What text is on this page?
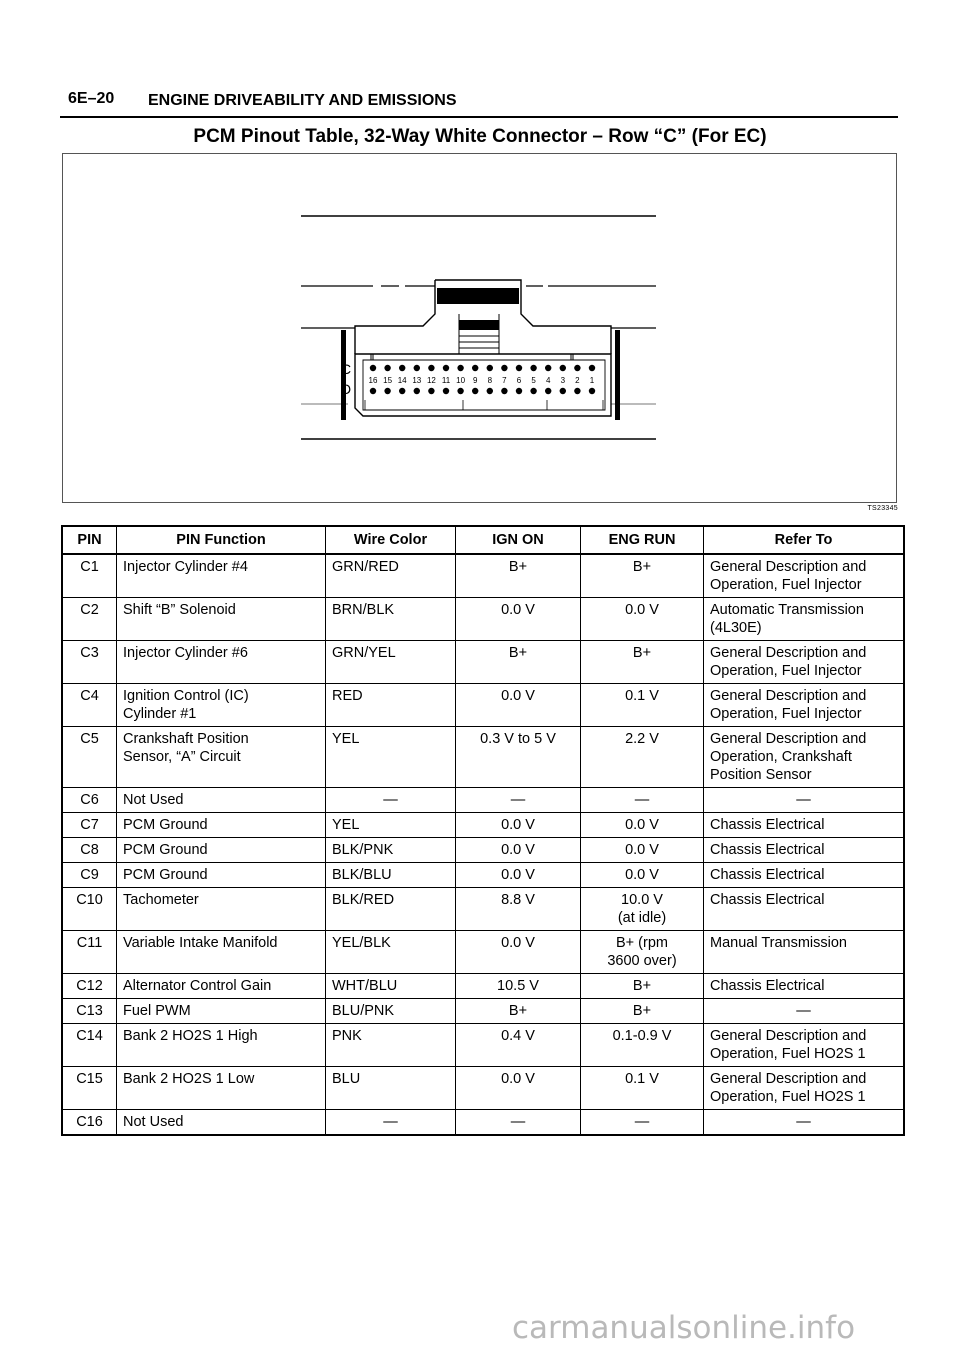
6E–20 ENGINE DRIVEABILITY AND EMISSIONS
PCM Pinout Table, 32-Way White Connector – Row “C” (For EC)
C
D
16 15 14 13 12 11 10 9 8 7 6 5 4 3 2 1
TS23345
PIN	PIN Function	Wire Color	IGN ON	ENG RUN	Refer To
C1	Injector Cylinder #4	GRN/RED	B+	B+	General Description and
Operation, Fuel Injector

C2	Shift “B” Solenoid	BRN/BLK	0.0 V	0.0 V	Automatic Transmission
(4L30E)

C3	Injector Cylinder #6	GRN/YEL	B+	B+	General Description and
Operation, Fuel Injector

C4	Ignition Control (IC)
Cylinder #1	RED	0.0 V	0.1 V	General Description and
Operation, Fuel Injector

C5	Crankshaft Position
Sensor, “A” Circuit	YEL	0.3 V to 5 V	2.2 V	General Description and
Operation, Crankshaft
Position Sensor

C6	Not Used	—	—	—	—

C7	PCM Ground	YEL	0.0 V	0.0 V	Chassis Electrical

C8	PCM Ground	BLK/PNK	0.0 V	0.0 V	Chassis Electrical

C9	PCM Ground	BLK/BLU	0.0 V	0.0 V	Chassis Electrical

C10	Tachometer	BLK/RED	8.8 V	10.0 V
(at idle)	Chassis Electrical

C11	Variable Intake Manifold	YEL/BLK	0.0 V	B+ (rpm
3600 over)	Manual Transmission

C12	Alternator Control Gain	WHT/BLU	10.5 V	B+	Chassis Electrical

C13	Fuel PWM	BLU/PNK	B+	B+	—

C14	Bank 2 HO2S 1 High	PNK	0.4 V	0.1-0.9 V	General Description and
Operation, Fuel HO2S 1

C15	Bank 2 HO2S 1 Low	BLU	0.0 V	0.1 V	General Description and
Operation, Fuel HO2S 1

C16	Not Used	—	—	—	—
carmanualsonline.info
